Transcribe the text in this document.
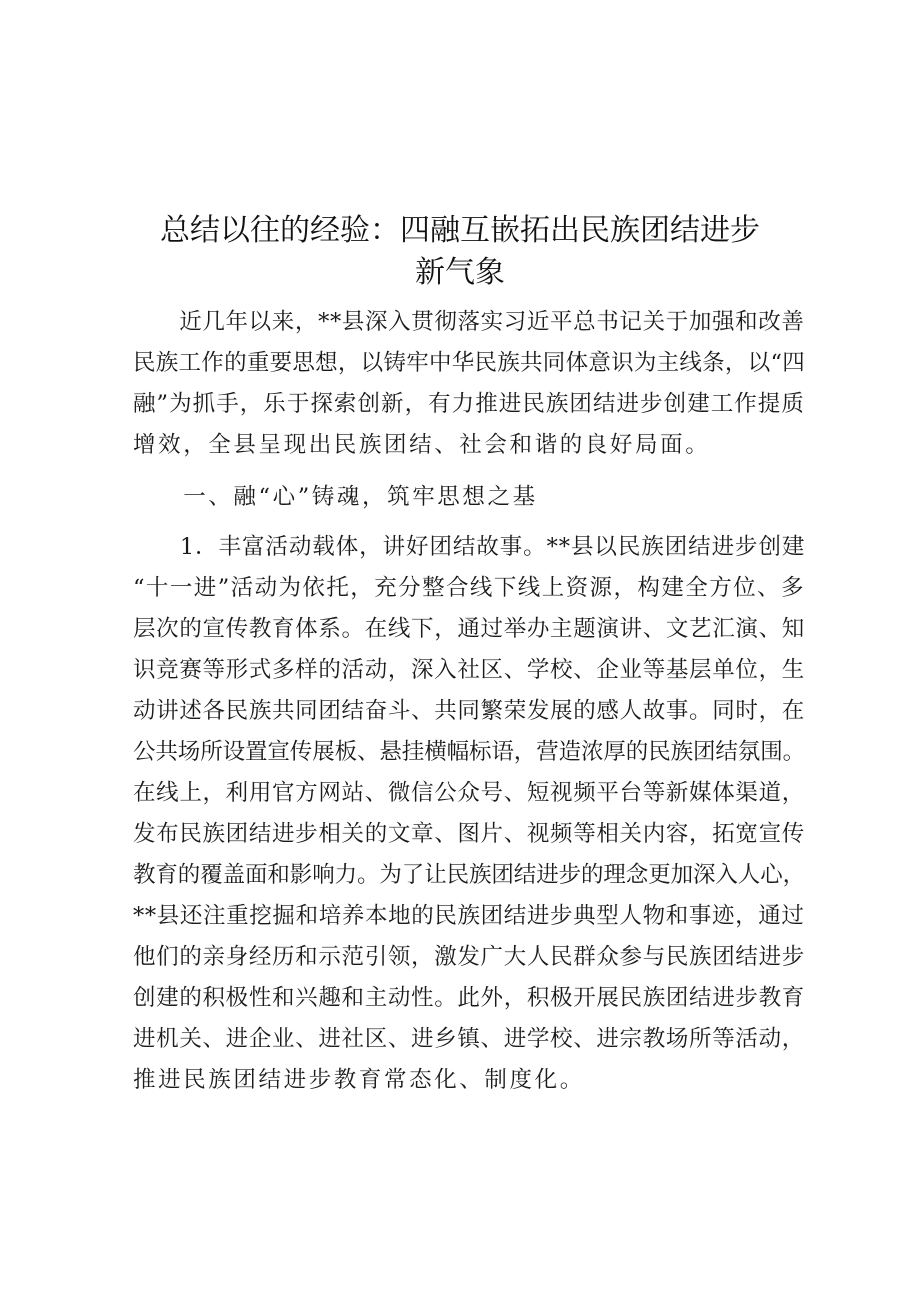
总结以往的经验：四融互嵌拓出民族团结进步
新气象
　　近几年以来，**县深入贯彻落实习近平总书记关于加强和改善
民族工作的重要思想，以铸牢中华民族共同体意识为主线条，以“四
融”为抓手，乐于探索创新，有力推进民族团结进步创建工作提质
增效，全县呈现出民族团结、社会和谐的良好局面。
　　一、融“心”铸魂，筑牢思想之基
　　1．丰富活动载体，讲好团结故事。**县以民族团结进步创建
“十一进”活动为依托，充分整合线下线上资源，构建全方位、多
层次的宣传教育体系。在线下，通过举办主题演讲、文艺汇演、知
识竞赛等形式多样的活动，深入社区、学校、企业等基层单位，生
动讲述各民族共同团结奋斗、共同繁荣发展的感人故事。同时，在
公共场所设置宣传展板、悬挂横幅标语，营造浓厚的民族团结氛围。
在线上，利用官方网站、微信公众号、短视频平台等新媒体渠道，
发布民族团结进步相关的文章、图片、视频等相关内容，拓宽宣传
教育的覆盖面和影响力。为了让民族团结进步的理念更加深入人心，
**县还注重挖掘和培养本地的民族团结进步典型人物和事迹，通过
他们的亲身经历和示范引领，激发广大人民群众参与民族团结进步
创建的积极性和兴趣和主动性。此外，积极开展民族团结进步教育
进机关、进企业、进社区、进乡镇、进学校、进宗教场所等活动，
推进民族团结进步教育常态化、制度化。
